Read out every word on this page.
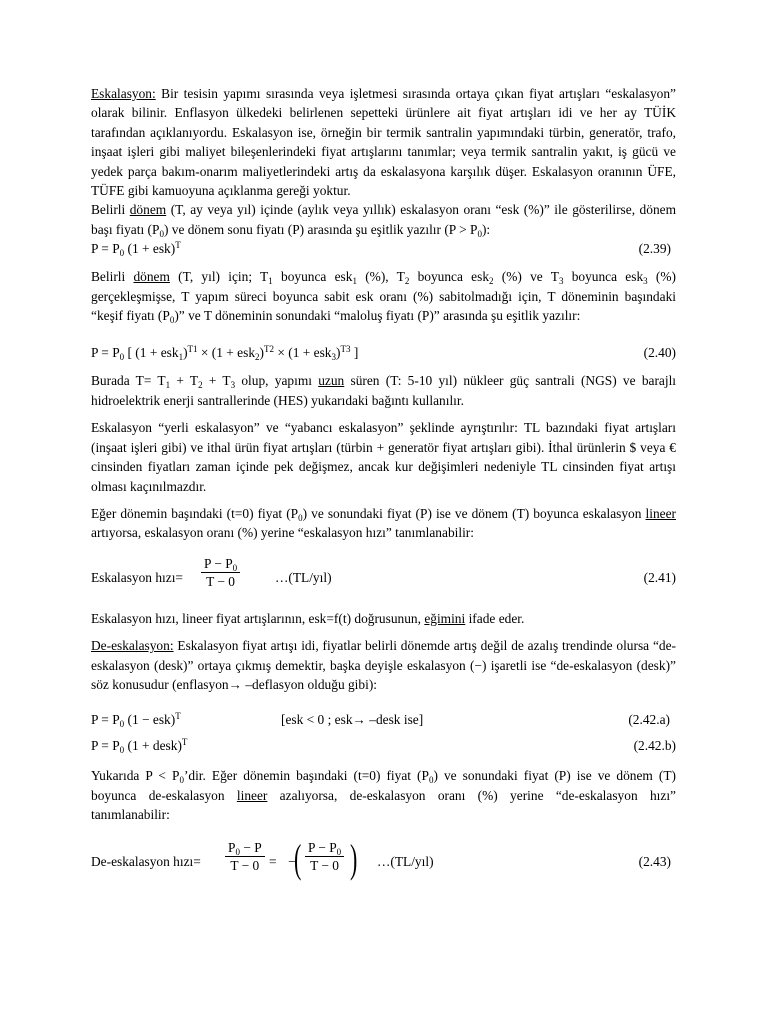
Eskalasyon: Bir tesisin yapımı sırasında veya işletmesi sırasında ortaya çıkan fiyat artışları “eskalasyon” olarak bilinir. Enflasyon ülkedeki belirlenen sepetteki ürünlere ait fiyat artışları idi ve her ay TÜİK tarafından açıklanıyordu. Eskalasyon ise, örneğin bir termik santralin yapımındaki türbin, generatör, trafo, inşaat işleri gibi maliyet bileşenlerindeki fiyat artışlarını tanımlar; veya termik santralin yakıt, iş gücü ve yedek parça bakım-onarım maliyetlerindeki artış da eskalasyona karşılık düşer. Eskalasyon oranının ÜFE, TÜFE gibi kamuoyuna açıklanma gereği yoktur.

Belirli dönem (T, ay veya yıl) içinde (aylık veya yıllık) eskalasyon oranı “esk (%)” ile gösterilirse, dönem başı fiyatı $(P_0)$ ve dönem sonu fiyatı (P) arasında şu eşitlik yazılır $(P > P_0)$:

$P = P_0$ (1 + esk)$^T$	(2.39)

Belirli dönem (T, yıl) için; $T_1$ boyunca esk$_1$ (%), $T_2$ boyunca esk$_2$ (%) ve $T_3$ boyunca esk$_3$ (%) gerçekleşmişse, T yapım süreci boyunca sabit esk oranı (%) sabitolmadığı için, T döneminin başındaki “keşif fiyatı $(P_0)$” ve T döneminin sonundaki “maloluş fiyatı (P)” arasında şu eşitlik yazılır:

$P = P_0$ [ $(1 + esk_1)^{T1} \times (1 + esk_2)^{T2} \times (1 + esk_3)^{T3}$ ]	(2.40)

Burada $T= T_1 + T_2 + T_3$ olup, yapımı uzun süren (T: 5-10 yıl) nükleer güç santrali (NGS) ve barajlı hidroelektrik enerji santrallerinde (HES) yukarıdaki bağıntı kullanılır.

Eskalasyon “yerli eskalasyon” ve “yabancı eskalasyon” şeklinde ayrıştırılır: TL bazındaki fiyat artışları (inşaat işleri gibi) ve ithal ürün fiyat artışları (türbin + generatör fiyat artışları gibi). İthal ürünlerin $ veya € cinsinden fiyatları zaman içinde pek değişmez, ancak kur değişimleri nedeniyle TL cinsinden fiyat artışı olması kaçınılmazdır.

Eğer dönemin başındaki (t=0) fiyat $(P_0)$ ve sonundaki fiyat (P) ise ve dönem (T) boyunca eskalasyon lineer artıyorsa, eskalasyon oranı (%) yerine “eskalasyon hızı” tanımlanabilir:

Eskalasyon hızı= $\frac{P - P_0}{T - 0}$	…(TL/yıl)	(2.41)

Eskalasyon hızı, lineer fiyat artışlarının, esk=f(t) doğrusunun, eğimini ifade eder.

De-eskalasyon: Eskalasyon fiyat artışı idi, fiyatlar belirli dönemde artış değil de azalış trendinde olursa “de-eskalasyon (desk)” ortaya çıkmış demektir, başka deyişle eskalasyon (−) işaretli ise “de-eskalasyon (desk)” söz konusudur (enflasyon→ –deflasyon olduğu gibi):

$P = P_0$ (1 − esk)$^T$	[esk < 0 ; esk→ –desk ise]	(2.42.a)
$P = P_0$ (1 + desk)$^T$	(2.42.b)

Yukarıda $P < P_0’dir$. Eğer dönemin başındaki (t=0) fiyat $(P_0)$ ve sonundaki fiyat (P) ise ve dönem (T) boyunca de-eskalasyon lineer azalıyorsa, de-eskalasyon oranı (%) yerine “de-eskalasyon hızı” tanımlanabilir:

De-eskalasyon hızı= $\frac{P_0 - P}{T - 0}$ = −
( $\frac{P - P_0}{T - 0}$ ) …(TL/yıl)	(2.43)
